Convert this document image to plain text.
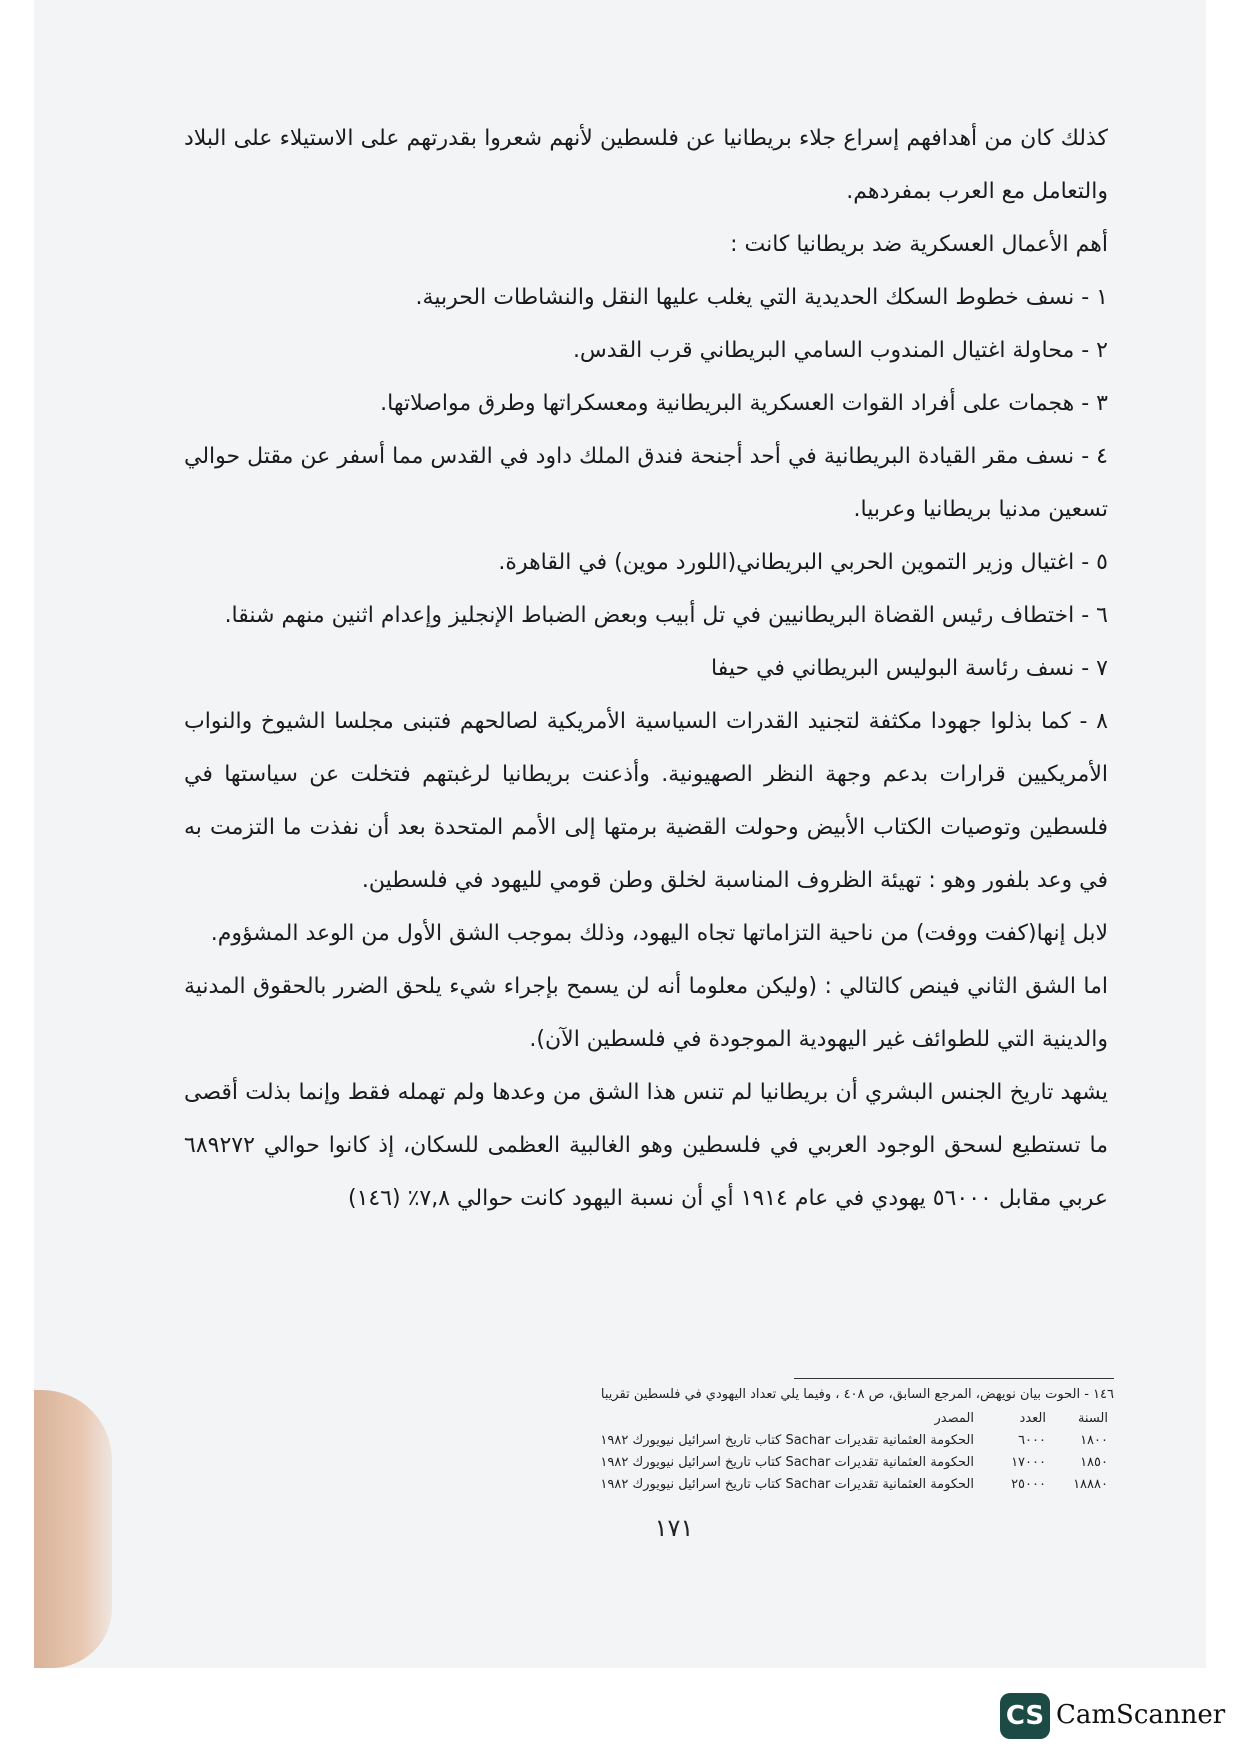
كذلك كان من أهدافهم إسراع جلاء بريطانيا عن فلسطين لأنهم شعروا بقدرتهم على الاستيلاء على البلاد والتعامل مع العرب بمفردهم.

أهم الأعمال العسكرية ضد بريطانيا كانت :

١ - نسف خطوط السكك الحديدية التي يغلب عليها النقل والنشاطات الحربية.

٢ - محاولة اغتيال المندوب السامي البريطاني قرب القدس.

٣ - هجمات على أفراد القوات العسكرية البريطانية ومعسكراتها وطرق مواصلاتها.

٤ - نسف مقر القيادة البريطانية في أحد أجنحة فندق الملك داود في القدس مما أسفر عن مقتل حوالي تسعين مدنيا بريطانيا وعربيا.

٥ - اغتيال وزير التموين الحربي البريطاني(اللورد موين) في القاهرة.

٦ - اختطاف رئيس القضاة البريطانيين في تل أبيب وبعض الضباط الإنجليز وإعدام اثنين منهم شنقا.

٧ - نسف رئاسة البوليس البريطاني في حيفا

٨ - كما بذلوا جهودا مكثفة لتجنيد القدرات السياسية الأمريكية لصالحهم فتبنى مجلسا الشيوخ والنواب الأمريكيين قرارات بدعم وجهة النظر الصهيونية. وأذعنت بريطانيا لرغبتهم فتخلت عن سياستها في فلسطين وتوصيات الكتاب الأبيض وحولت القضية برمتها إلى الأمم المتحدة بعد أن نفذت ما التزمت به في وعد بلفور وهو : تهيئة الظروف المناسبة لخلق وطن قومي لليهود في فلسطين.

لابل إنها(كفت ووفت) من ناحية التزاماتها تجاه اليهود، وذلك بموجب الشق الأول من الوعد المشؤوم.

اما الشق الثاني فينص كالتالي : (وليكن معلوما أنه لن يسمح بإجراء شيء يلحق الضرر بالحقوق المدنية والدينية التي للطوائف غير اليهودية الموجودة في فلسطين الآن).

يشهد تاريخ الجنس البشري أن بريطانيا لم تنس هذا الشق من وعدها ولم تهمله فقط وإنما بذلت أقصى ما تستطيع لسحق الوجود العربي في فلسطين وهو الغالبية العظمى للسكان، إذ كانوا حوالي ٦٨٩٢٧٢ عربي مقابل ٥٦٠٠٠ يهودي في عام ١٩١٤ أي أن نسبة اليهود كانت حوالي ٧,٨٪ (١٤٦)

١٤٦ - الحوت بيان نويهض، المرجع السابق، ص ٤٠٨ ، وفيما يلي تعداد اليهودي في فلسطين تقريبا
السنة	العدد	المصدر
١٨٠٠	٦٠٠٠	الحكومة العثمانية تقديرات Sachar كتاب تاريخ اسرائيل نيويورك ١٩٨٢
١٨٥٠	١٧٠٠٠	الحكومة العثمانية تقديرات Sachar كتاب تاريخ اسرائيل نيويورك ١٩٨٢
١٨٨٨٠	٢٥٠٠٠	الحكومة العثمانية تقديرات Sachar كتاب تاريخ اسرائيل نيويورك ١٩٨٢
١٧١
CS CamScanner
